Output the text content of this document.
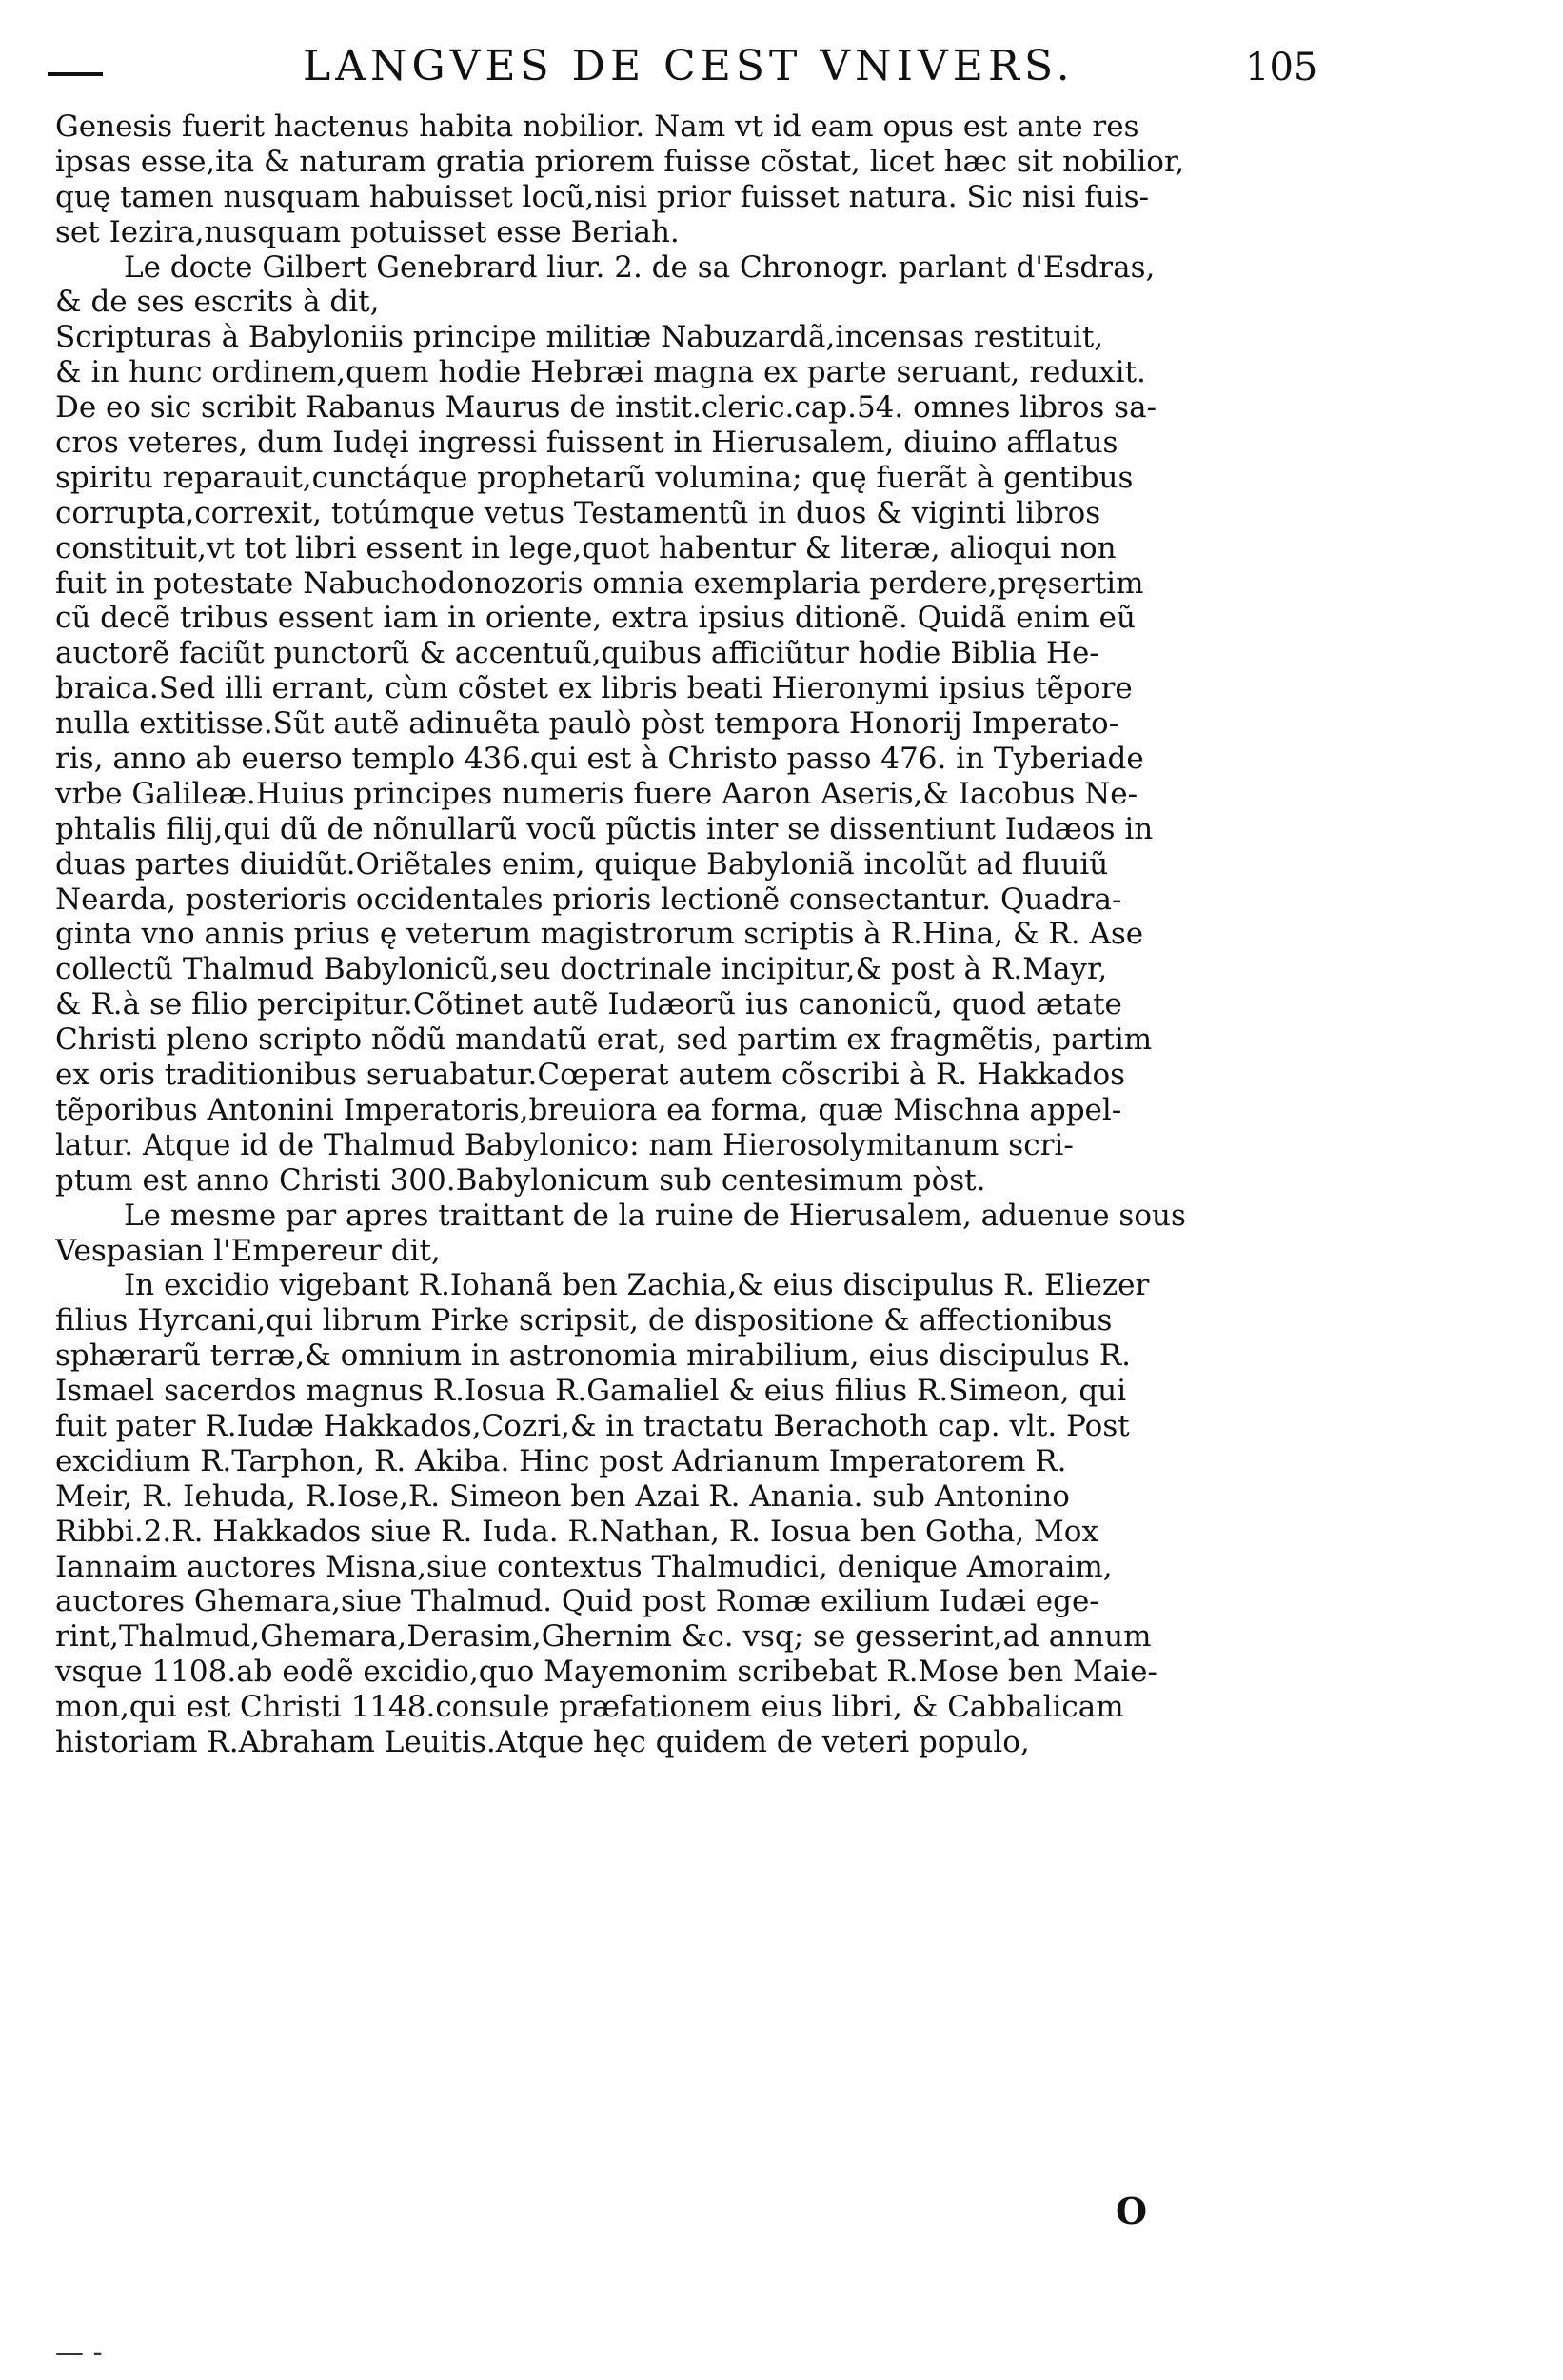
LANGVES DE CEST VNIVERS.	105
Genesis fuerit hactenus habita nobilior. Nam vt id eam opus est ante res
ipsas esse,ita & naturam gratia priorem fuisse cõstat, licet hæc sit nobilior,
quę tamen nusquam habuisset locũ,nisi prior fuisset natura. Sic nisi fuis-
set Iezira,nusquam potuisset esse Beriah.
Le docte Gilbert Genebrard liur. 2. de sa Chronogr. parlant d'Esdras,
& de ses escrits à dit,
Scripturas à Babyloniis principe militiæ Nabuzardã,incensas restituit,
& in hunc ordinem,quem hodie Hebræi magna ex parte seruant, reduxit.
De eo sic scribit Rabanus Maurus de instit.cleric.cap.54. omnes libros sa-
cros veteres, dum Iudęi ingressi fuissent in Hierusalem, diuino afflatus
spiritu reparauit,cunctáque prophetarũ volumina; quę fuerãt à gentibus
corrupta,correxit, totúmque vetus Testamentũ in duos & viginti libros
constituit,vt tot libri essent in lege,quot habentur & literæ, alioqui non
fuit in potestate Nabuchodonozoris omnia exemplaria perdere,pręsertim
cũ decẽ tribus essent iam in oriente, extra ipsius ditionẽ. Quidã enim eũ
auctorẽ faciũt punctorũ & accentuũ,quibus afficiũtur hodie Biblia He-
braica.Sed illi errant, cùm cõstet ex libris beati Hieronymi ipsius tẽpore
nulla extitisse.Sũt autẽ adinuẽta paulò pòst tempora Honorij Imperato-
ris, anno ab euerso templo 436.qui est à Christo passo 476. in Tyberiade
vrbe Galileæ.Huius principes numeris fuere Aaron Aseris,& Iacobus Ne-
phtalis filij,qui dũ de nõnullarũ vocũ pũctis inter se dissentiunt Iudæos in
duas partes diuidũt.Oriẽtales enim, quique Babyloniã incolũt ad fluuiũ
Nearda, posterioris occidentales prioris lectionẽ consectantur. Quadra-
ginta vno annis prius ę veterum magistrorum scriptis à R.Hina, & R. Ase
collectũ Thalmud Babylonicũ,seu doctrinale incipitur,& post à R.Mayr,
& R.à se filio percipitur.Cõtinet autẽ Iudæorũ ius canonicũ, quod ætate
Christi pleno scripto nõdũ mandatũ erat, sed partim ex fragmẽtis, partim
ex oris traditionibus seruabatur.Cœperat autem cõscribi à R. Hakkados
tẽporibus Antonini Imperatoris,breuiora ea forma, quæ Mischna appel-
latur. Atque id de Thalmud Babylonico: nam Hierosolymitanum scri-
ptum est anno Christi 300.Babylonicum sub centesimum pòst.
Le mesme par apres traittant de la ruine de Hierusalem, aduenue sous
Vespasian l'Empereur dit,
In excidio vigebant R.Iohanã ben Zachia,& eius discipulus R. Eliezer
filius Hyrcani,qui librum Pirke scripsit, de dispositione & affectionibus
sphærarũ terræ,& omnium in astronomia mirabilium, eius discipulus R.
Ismael sacerdos magnus R.Iosua R.Gamaliel & eius filius R.Simeon, qui
fuit pater R.Iudæ Hakkados,Cozri,& in tractatu Berachoth cap. vlt. Post
excidium R.Tarphon, R. Akiba. Hinc post Adrianum Imperatorem R.
Meir, R. Iehuda, R.Iose,R. Simeon ben Azai R. Anania. sub Antonino
Ribbi.2.R. Hakkados siue R. Iuda. R.Nathan, R. Iosua ben Gotha, Mox
Iannaim auctores Misna,siue contextus Thalmudici, denique Amoraim,
auctores Ghemara,siue Thalmud. Quid post Romæ exilium Iudæi ege-
rint,Thalmud,Ghemara,Derasim,Ghernim &c. vsq; se gesserint,ad annum
vsque 1108.ab eodẽ excidio,quo Mayemonim scribebat R.Mose ben Maie-
mon,qui est Christi 1148.consule præfationem eius libri, & Cabbalicam
historiam R.Abraham Leuitis.Atque hęc quidem de veteri populo,
O
— ‑
